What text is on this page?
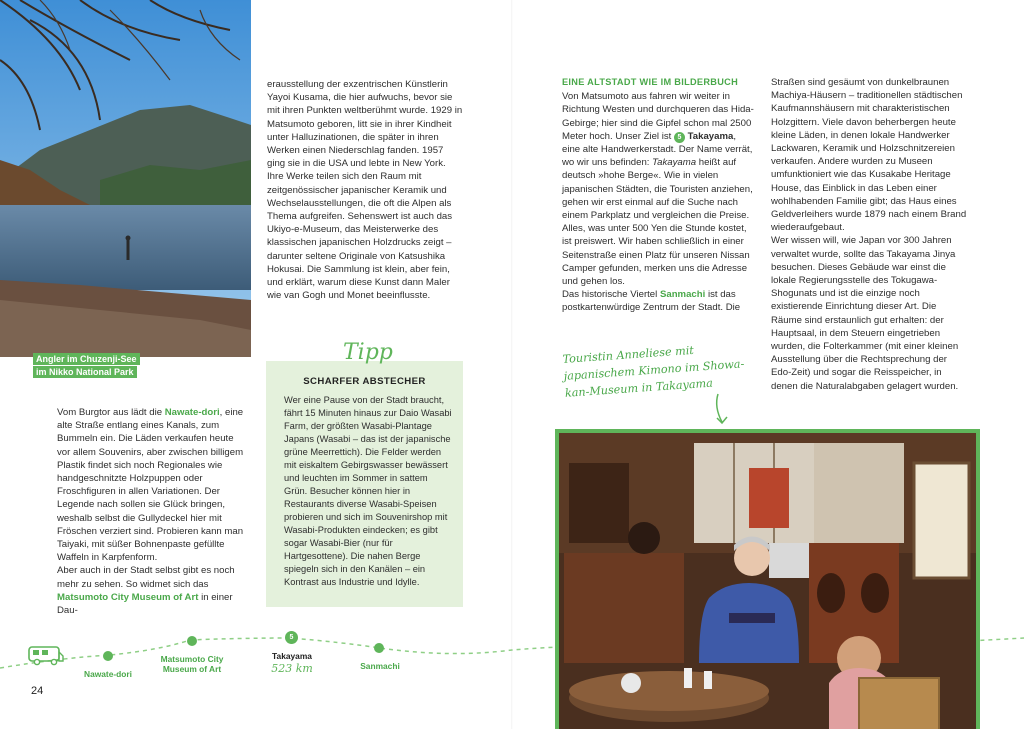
Angler im Chuzenji-See
im Nikko National Park

erausstellung der exzentrischen Künstlerin Yayoi Kusama, die hier aufwuchs, bevor sie mit ihren Punkten weltberühmt wurde. 1929 in Matsumoto geboren, litt sie in ihrer Kindheit unter Halluzinationen, die später in ihren Werken einen Niederschlag fanden. 1957 ging sie in die USA und lebte in New York. Ihre Werke teilen sich den Raum mit zeitgenössischer japanischer Keramik und Wechselausstellungen, die oft die Alpen als Thema aufgreifen. Sehenswert ist auch das Ukiyo-e-Museum, das Meisterwerke des klassischen japanischen Holzdrucks zeigt – darunter seltene Originale von Katsushika Hokusai. Die Sammlung ist klein, aber fein, und erklärt, warum diese Kunst dann Maler wie van Gogh und Monet beeinflusste.

Vom Burgtor aus lädt die Nawate-dori, eine alte Straße entlang eines Kanals, zum Bummeln ein. Die Läden verkaufen heute vor allem Souvenirs, aber zwischen billigem Plastik findet sich noch Regionales wie handgeschnitzte Holzpuppen oder Froschfiguren in allen Variationen. Der Legende nach sollen sie Glück bringen, weshalb selbst die Gullydeckel hier mit Fröschen verziert sind. Probieren kann man Taiyaki, mit süßer Bohnenpaste gefüllte Waffeln in Karpfenform.

Aber auch in der Stadt selbst gibt es noch mehr zu sehen. So widmet sich das Matsumoto City Museum of Art in einer Dau-

Tipp
SCHARFER ABSTECHER
Wer eine Pause von der Stadt braucht, fährt 15 Minuten hinaus zur Daio Wasabi Farm, der größten Wasabi-Plantage Japans (Wasabi – das ist der japanische grüne Meerrettich). Die Felder werden mit eiskaltem Gebirgswasser bewässert und leuchten im Sommer in sattem Grün. Besucher können hier in Restaurants diverse Wasabi-Speisen probieren und sich im Souvenirshop mit Wasabi-Produkten eindecken; es gibt sogar Wasabi-Bier (nur für Hartgesottene). Die nahen Berge spiegeln sich in den Kanälen – ein Kontrast aus Industrie und Idylle.
Nawate-dori
Matsumoto City Museum of Art
5
Takayama
523 km	Sanmachi
24
EINE ALTSTADT WIE IM BILDERBUCH

Von Matsumoto aus fahren wir weiter in Richtung Westen und durchqueren das Hida-Gebirge; hier sind die Gipfel schon mal 2500 Meter hoch. Unser Ziel ist 5 Takayama, eine alte Handwerkerstadt. Der Name verrät, wo wir uns befinden: Takayama heißt auf deutsch »hohe Berge«. Wie in vielen japanischen Städten, die Touristen anziehen, gehen wir erst einmal auf die Suche nach einem Parkplatz und vergleichen die Preise. Alles, was unter 500 Yen die Stunde kostet, ist preiswert. Wir haben schließlich in einer Seitenstraße einen Platz für unseren Nissan Camper gefunden, merken uns die Adresse und gehen los.

Das historische Viertel Sanmachi ist das postkartenwürdige Zentrum der Stadt. Die

Straßen sind gesäumt von dunkelbraunen Machiya-Häusern – traditionellen städtischen Kaufmannshäusern mit charakteristischen Holzgittern. Viele davon beherbergen heute kleine Läden, in denen lokale Handwerker Lackwaren, Keramik und Holzschnitzereien verkaufen. Andere wurden zu Museen umfunktioniert wie das Kusakabe Heritage House, das Einblick in das Leben einer wohlhabenden Familie gibt; das Haus eines Geldverleihers wurde 1879 nach einem Brand wiederaufgebaut.

Wer wissen will, wie Japan vor 300 Jahren verwaltet wurde, sollte das Takayama Jinya besuchen. Dieses Gebäude war einst die lokale Regierungsstelle des Tokugawa-Shogunats und ist die einzige noch existierende Einrichtung dieser Art. Die Räume sind erstaunlich gut erhalten: der Hauptsaal, in dem Steuern eingetrieben wurden, die Folterkammer (mit einer kleinen Ausstellung über die Rechtsprechung der Edo-Zeit) und sogar die Reisspeicher, in denen die Naturalabgaben gelagert wurden.

Touristin Anneliese mit japanischem Kimono im Showa-kan-Museum in Takayama
